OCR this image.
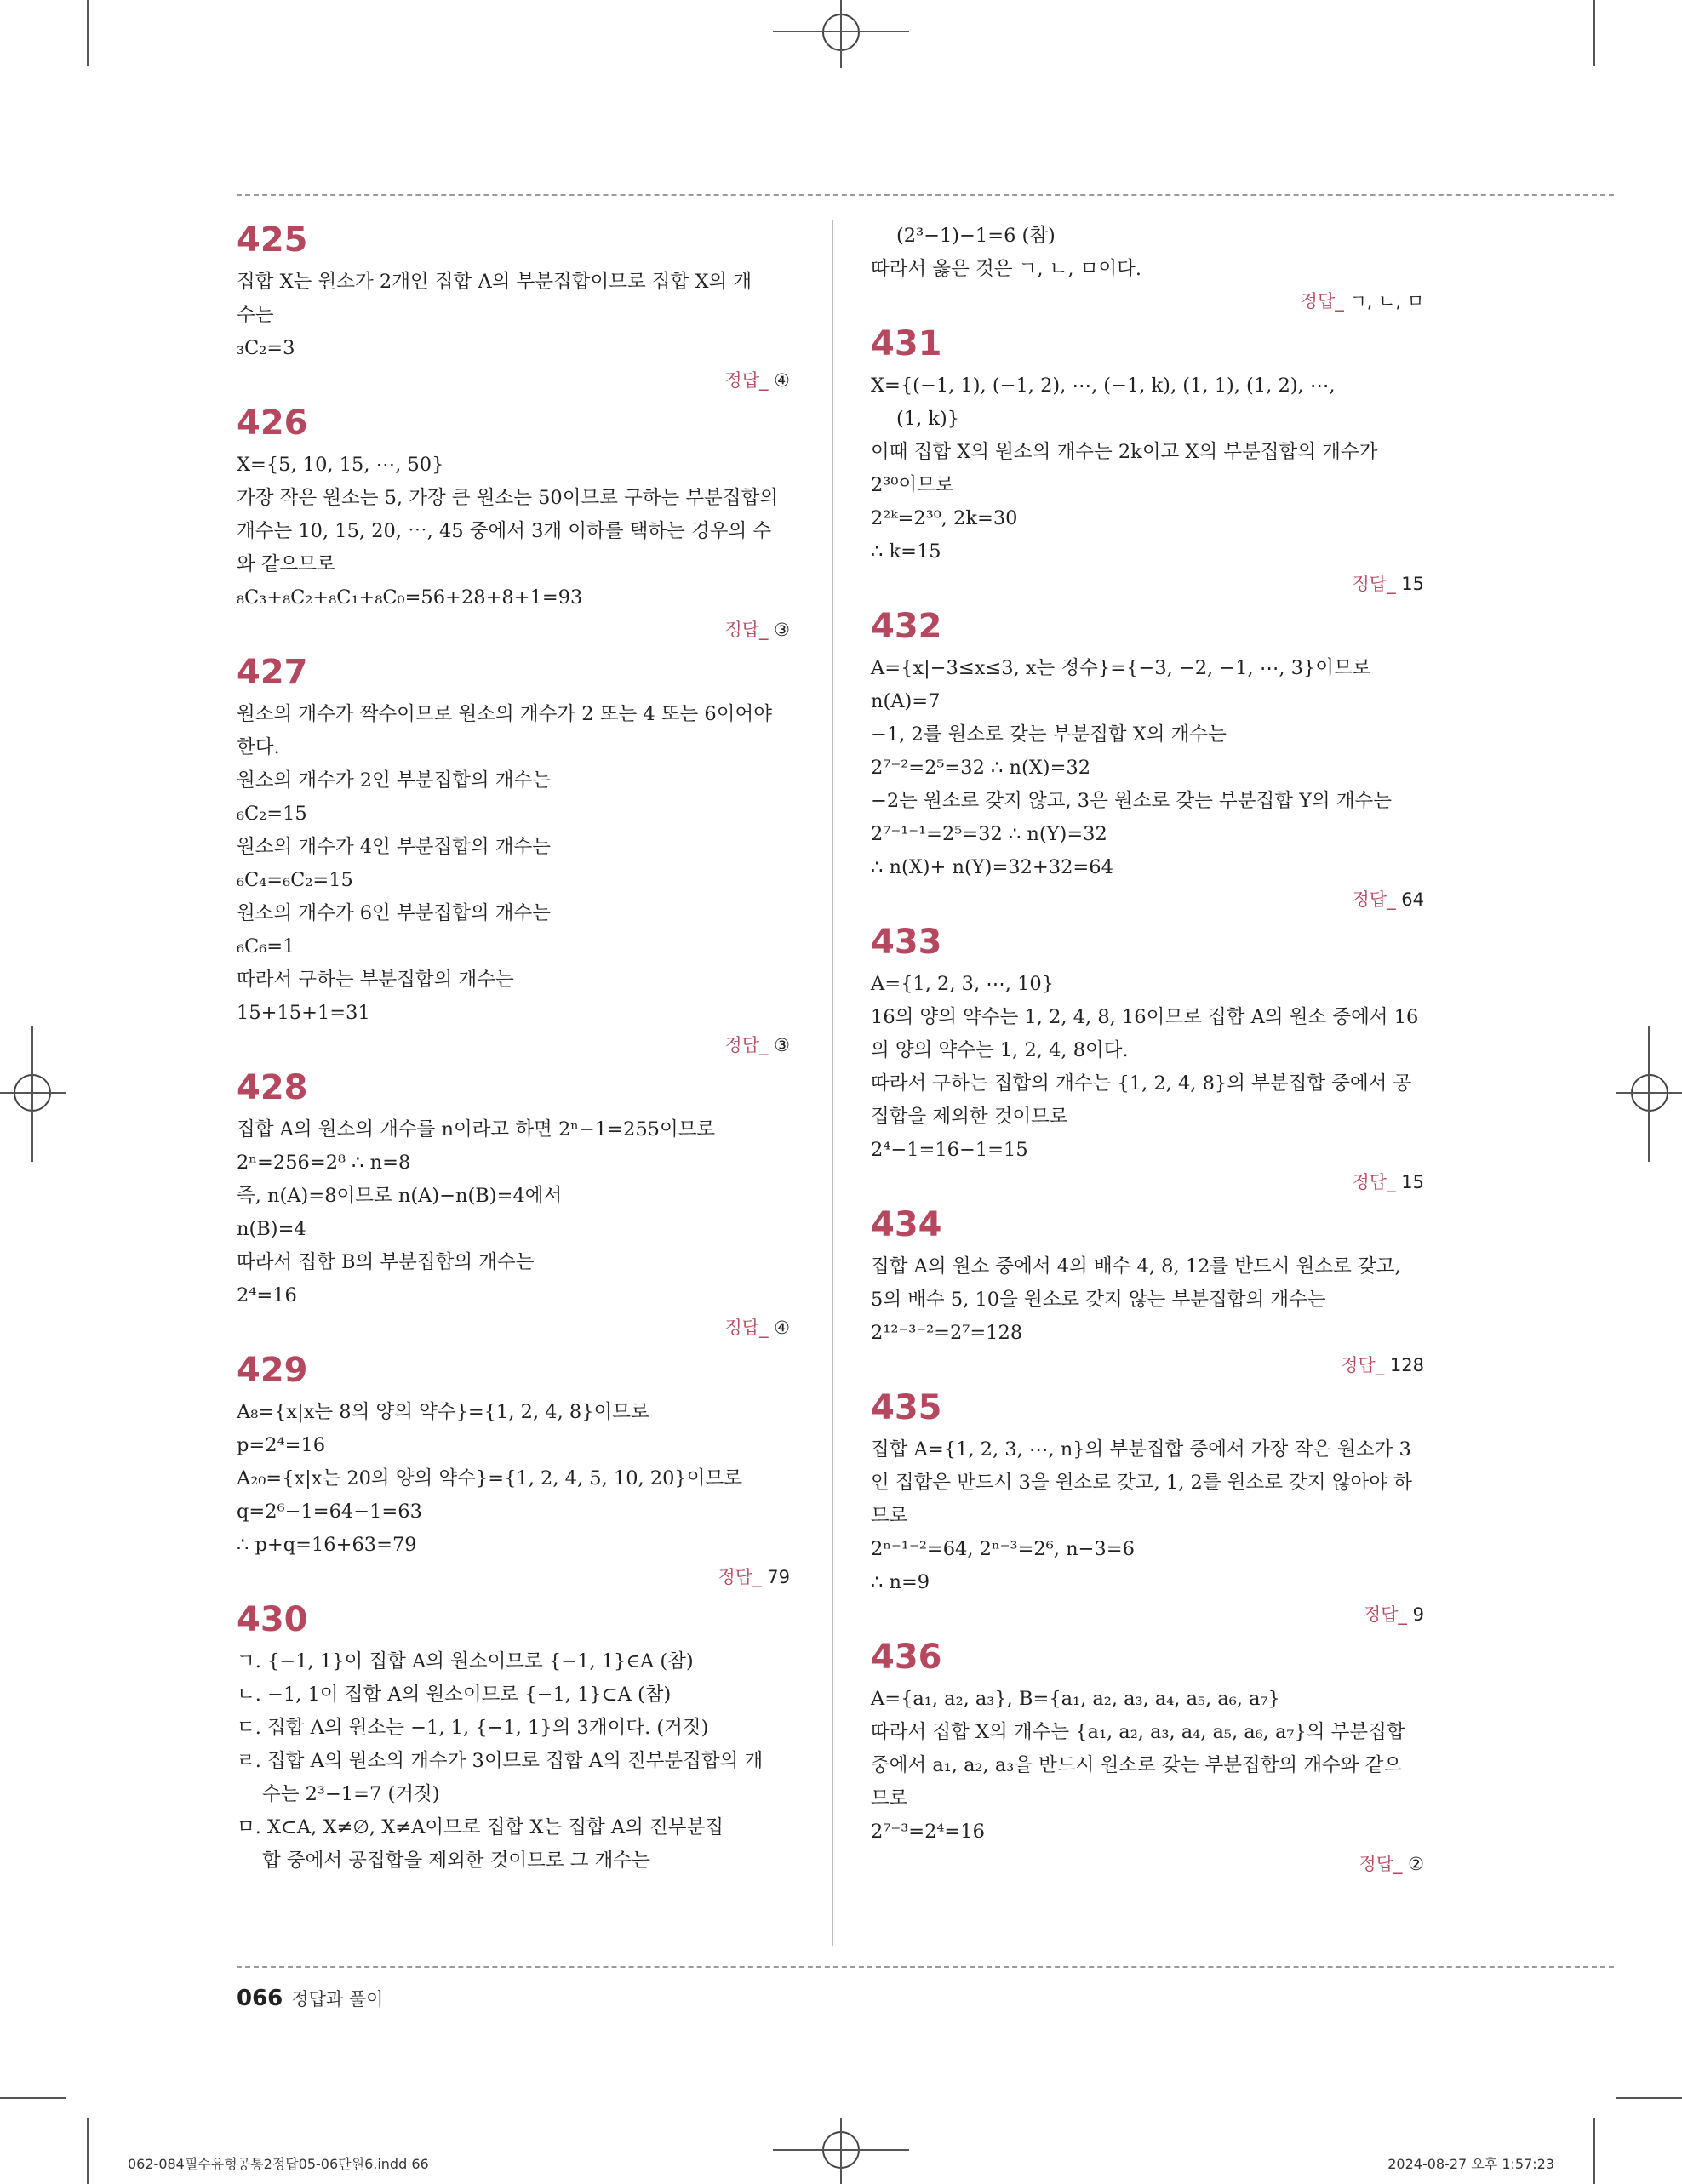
425
집합 X는 원소가 2개인 집합 A의 부분집합이므로 집합 X의 개
수는
₃C₂=3
정답_ ④
426
X={5, 10, 15, ⋯, 50}
가장 작은 원소는 5, 가장 큰 원소는 50이므로 구하는 부분집합의
개수는 10, 15, 20, ⋯, 45 중에서 3개 이하를 택하는 경우의 수
와 같으므로
₈C₃+₈C₂+₈C₁+₈C₀=56+28+8+1=93
정답_ ③
427
원소의 개수가 짝수이므로 원소의 개수가 2 또는 4 또는 6이어야
한다.
원소의 개수가 2인 부분집합의 개수는
₆C₂=15
원소의 개수가 4인 부분집합의 개수는
₆C₄=₆C₂=15
원소의 개수가 6인 부분집합의 개수는
₆C₆=1
따라서 구하는 부분집합의 개수는
15+15+1=31
정답_ ③
428
집합 A의 원소의 개수를 n이라고 하면 2ⁿ−1=255이므로
2ⁿ=256=2⁸ ∴ n=8
즉, n(A)=8이므로 n(A)−n(B)=4에서
n(B)=4
따라서 집합 B의 부분집합의 개수는
2⁴=16
정답_ ④
429
A₈={x|x는 8의 양의 약수}={1, 2, 4, 8}이므로
p=2⁴=16
A₂₀={x|x는 20의 양의 약수}={1, 2, 4, 5, 10, 20}이므로
q=2⁶−1=64−1=63
∴ p+q=16+63=79
정답_ 79
430
ㄱ. {−1, 1}이 집합 A의 원소이므로 {−1, 1}∈A (참)
ㄴ. −1, 1이 집합 A의 원소이므로 {−1, 1}⊂A (참)
ㄷ. 집합 A의 원소는 −1, 1, {−1, 1}의 3개이다. (거짓)
ㄹ. 집합 A의 원소의 개수가 3이므로 집합 A의 진부분집합의 개
수는 2³−1=7 (거짓)
ㅁ. X⊂A, X≠∅, X≠A이므로 집합 X는 집합 A의 진부분집
합 중에서 공집합을 제외한 것이므로 그 개수는
(2³−1)−1=6 (참)
따라서 옳은 것은 ㄱ, ㄴ, ㅁ이다.
정답_ ㄱ, ㄴ, ㅁ
431
X={(−1, 1), (−1, 2), ⋯, (−1, k), (1, 1), (1, 2), ⋯,
(1, k)}
이때 집합 X의 원소의 개수는 2k이고 X의 부분집합의 개수가
2³⁰이므로
2²ᵏ=2³⁰, 2k=30
∴ k=15
정답_ 15
432
A={x|−3≤x≤3, x는 정수}={−3, −2, −1, ⋯, 3}이므로
n(A)=7
−1, 2를 원소로 갖는 부분집합 X의 개수는
2⁷⁻²=2⁵=32 ∴ n(X)=32
−2는 원소로 갖지 않고, 3은 원소로 갖는 부분집합 Y의 개수는
2⁷⁻¹⁻¹=2⁵=32 ∴ n(Y)=32
∴ n(X)+ n(Y)=32+32=64
정답_ 64
433
A={1, 2, 3, ⋯, 10}
16의 양의 약수는 1, 2, 4, 8, 16이므로 집합 A의 원소 중에서 16
의 양의 약수는 1, 2, 4, 8이다.
따라서 구하는 집합의 개수는 {1, 2, 4, 8}의 부분집합 중에서 공
집합을 제외한 것이므로
2⁴−1=16−1=15
정답_ 15
434
집합 A의 원소 중에서 4의 배수 4, 8, 12를 반드시 원소로 갖고,
5의 배수 5, 10을 원소로 갖지 않는 부분집합의 개수는
2¹²⁻³⁻²=2⁷=128
정답_ 128
435
집합 A={1, 2, 3, ⋯, n}의 부분집합 중에서 가장 작은 원소가 3
인 집합은 반드시 3을 원소로 갖고, 1, 2를 원소로 갖지 않아야 하
므로
2ⁿ⁻¹⁻²=64, 2ⁿ⁻³=2⁶, n−3=6
∴ n=9
정답_ 9
436
A={a₁, a₂, a₃}, B={a₁, a₂, a₃, a₄, a₅, a₆, a₇}
따라서 집합 X의 개수는 {a₁, a₂, a₃, a₄, a₅, a₆, a₇}의 부분집합
중에서 a₁, a₂, a₃을 반드시 원소로 갖는 부분집합의 개수와 같으
므로
2⁷⁻³=2⁴=16
정답_ ②
066 정답과 풀이
062-084필수유형공통2정답05-06단원6.indd 66	2024-08-27 오후 1:57:23
